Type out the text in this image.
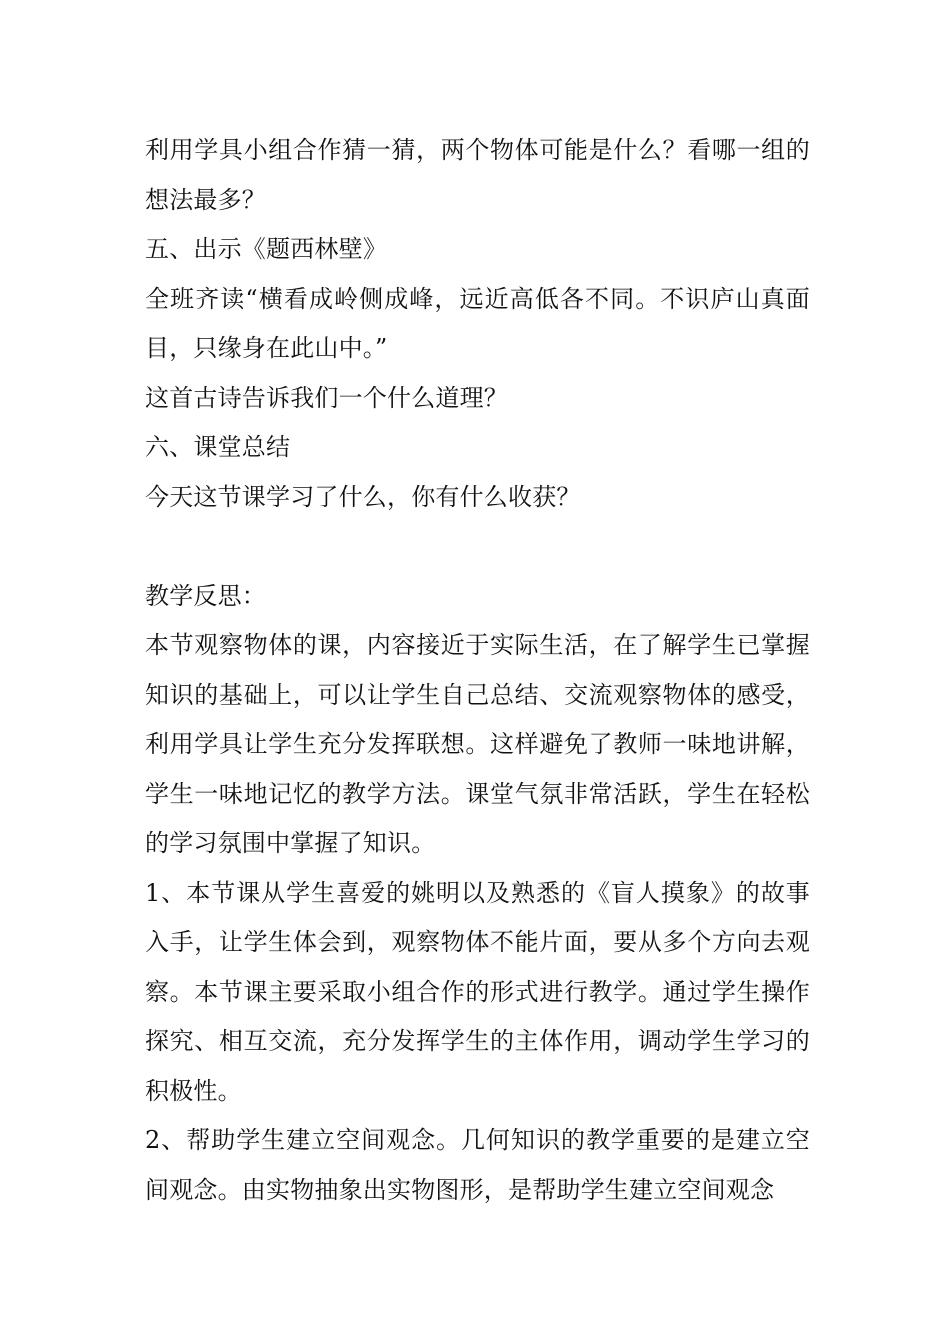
利用学具小组合作猜一猜，两个物体可能是什么？看哪一组的想法最多？

五、出示《题西林壁》

全班齐读“横看成岭侧成峰，远近高低各不同。不识庐山真面目，只缘身在此山中。”

这首古诗告诉我们一个什么道理？

六、课堂总结

今天这节课学习了什么，你有什么收获？

教学反思：

本节观察物体的课，内容接近于实际生活，在了解学生已掌握知识的基础上，可以让学生自己总结、交流观察物体的感受，利用学具让学生充分发挥联想。这样避免了教师一味地讲解，学生一味地记忆的教学方法。课堂气氛非常活跃，学生在轻松的学习氛围中掌握了知识。

1、本节课从学生喜爱的姚明以及熟悉的《盲人摸象》的故事入手，让学生体会到，观察物体不能片面，要从多个方向去观察。本节课主要采取小组合作的形式进行教学。通过学生操作探究、相互交流，充分发挥学生的主体作用，调动学生学习的积极性。

2、帮助学生建立空间观念。几何知识的教学重要的是建立空间观念。由实物抽象出实物图形，是帮助学生建立空间观念
